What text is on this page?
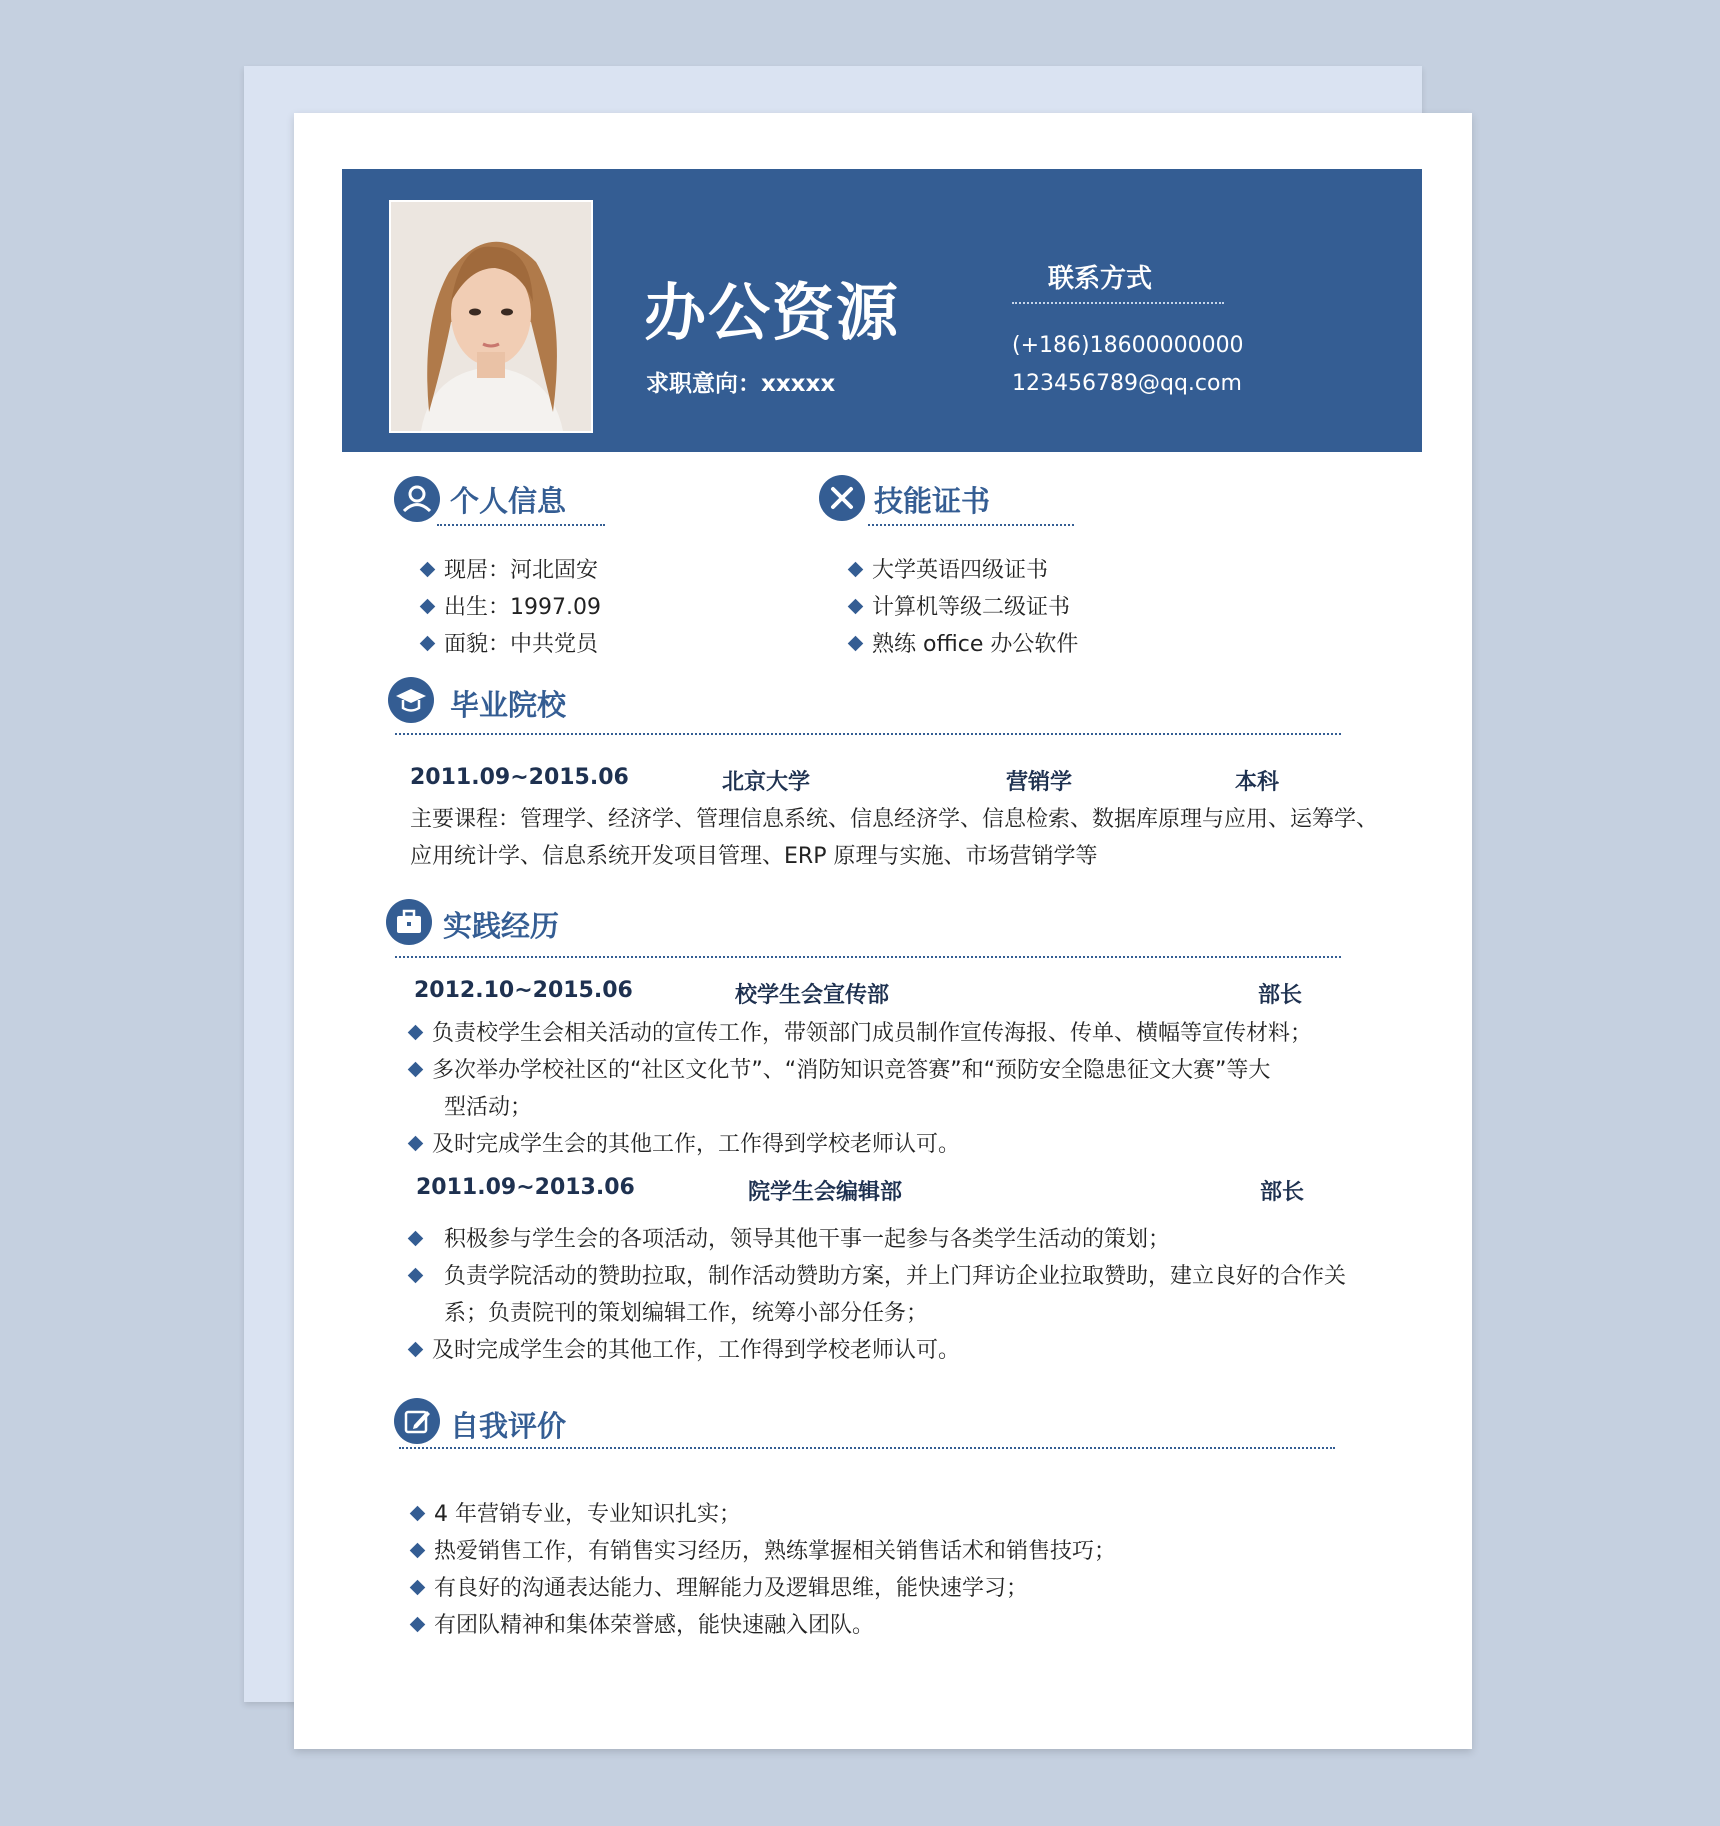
办公资源
求职意向：xxxxx
联系方式
(+186)18600000000
123456789@qq.com
个人信息
现居：河北固安
出生：1997.09
面貌：中共党员
技能证书
大学英语四级证书
计算机等级二级证书
熟练 office 办公软件
毕业院校
2011.09~2015.06	北京大学	营销学	本科
主要课程：管理学、经济学、管理信息系统、信息经济学、信息检索、数据库原理与应用、运筹学、
应用统计学、信息系统开发项目管理、ERP 原理与实施、市场营销学等
实践经历
2012.10~2015.06	校学生会宣传部	部长
负责校学生会相关活动的宣传工作，带领部门成员制作宣传海报、传单、横幅等宣传材料；
多次举办学校社区的“社区文化节”、“消防知识竞答赛”和“预防安全隐患征文大赛”等大
型活动；
及时完成学生会的其他工作，工作得到学校老师认可。
2011.09~2013.06	院学生会编辑部	部长
积极参与学生会的各项活动，领导其他干事一起参与各类学生活动的策划；
负责学院活动的赞助拉取，制作活动赞助方案，并上门拜访企业拉取赞助，建立良好的合作关
系；负责院刊的策划编辑工作，统筹小部分任务；
及时完成学生会的其他工作，工作得到学校老师认可。
自我评价
4 年营销专业，专业知识扎实；
热爱销售工作，有销售实习经历，熟练掌握相关销售话术和销售技巧；
有良好的沟通表达能力、理解能力及逻辑思维，能快速学习；
有团队精神和集体荣誉感，能快速融入团队。
